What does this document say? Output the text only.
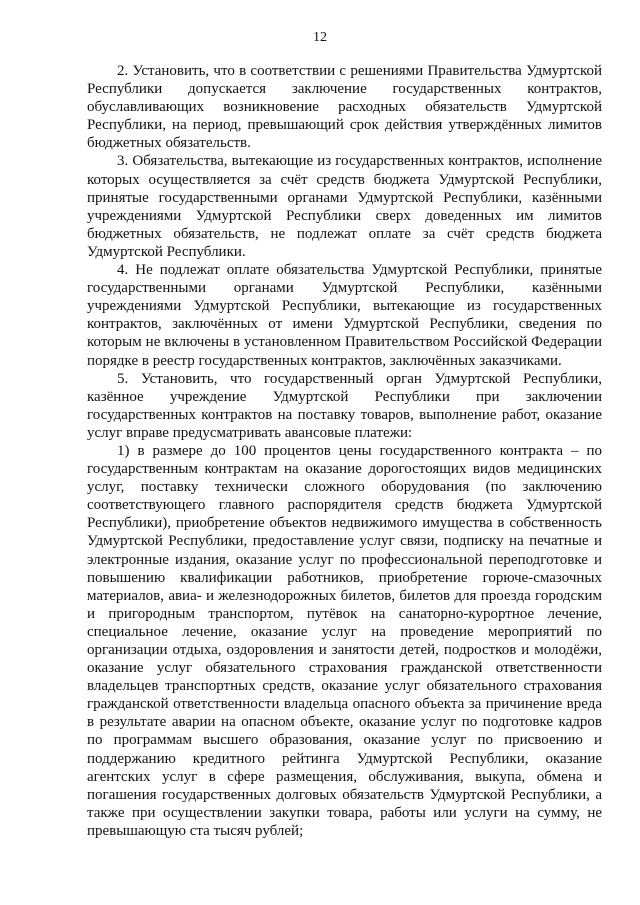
12

2. Установить, что в соответствии с решениями Правительства Удмуртской Республики допускается заключение государственных контрактов, обуславливающих возникновение расходных обязательств Удмуртской Республики, на период, превышающий срок действия утверждённых лимитов бюджетных обязательств.

3. Обязательства, вытекающие из государственных контрактов, исполнение которых осуществляется за счёт средств бюджета Удмуртской Республики, принятые государственными органами Удмуртской Республики, казёнными учреждениями Удмуртской Республики сверх доведенных им лимитов бюджетных обязательств, не подлежат оплате за счёт средств бюджета Удмуртской Республики.

4. Не подлежат оплате обязательства Удмуртской Республики, принятые государственными органами Удмуртской Республики, казёнными учреждениями Удмуртской Республики, вытекающие из государственных контрактов, заключённых от имени Удмуртской Республики, сведения по которым не включены в установленном Правительством Российской Федерации порядке в реестр государственных контрактов, заключённых заказчиками.

5. Установить, что государственный орган Удмуртской Республики, казённое учреждение Удмуртской Республики при заключении государственных контрактов на поставку товаров, выполнение работ, оказание услуг вправе предусматривать авансовые платежи:

1) в размере до 100 процентов цены государственного контракта – по государственным контрактам на оказание дорогостоящих видов медицинских услуг, поставку технически сложного оборудования (по заключению соответствующего главного распорядителя средств бюджета Удмуртской Республики), приобретение объектов недвижимого имущества в собственность Удмуртской Республики, предоставление услуг связи, подписку на печатные и электронные издания, оказание услуг по профессиональной переподготовке и повышению квалификации работников, приобретение горюче-смазочных материалов, авиа- и железнодорожных билетов, билетов для проезда городским и пригородным транспортом, путёвок на санаторно-курортное лечение, специальное лечение, оказание услуг на проведение мероприятий по организации отдыха, оздоровления и занятости детей, подростков и молодёжи, оказание услуг обязательного страхования гражданской ответственности владельцев транспортных средств, оказание услуг обязательного страхования гражданской ответственности владельца опасного объекта за причинение вреда в результате аварии на опасном объекте, оказание услуг по подготовке кадров по программам высшего образования, оказание услуг по присвоению и поддержанию кредитного рейтинга Удмуртской Республики, оказание агентских услуг в сфере размещения, обслуживания, выкупа, обмена и погашения государственных долговых обязательств Удмуртской Республики, а также при осуществлении закупки товара, работы или услуги на сумму, не превышающую ста тысяч рублей;
